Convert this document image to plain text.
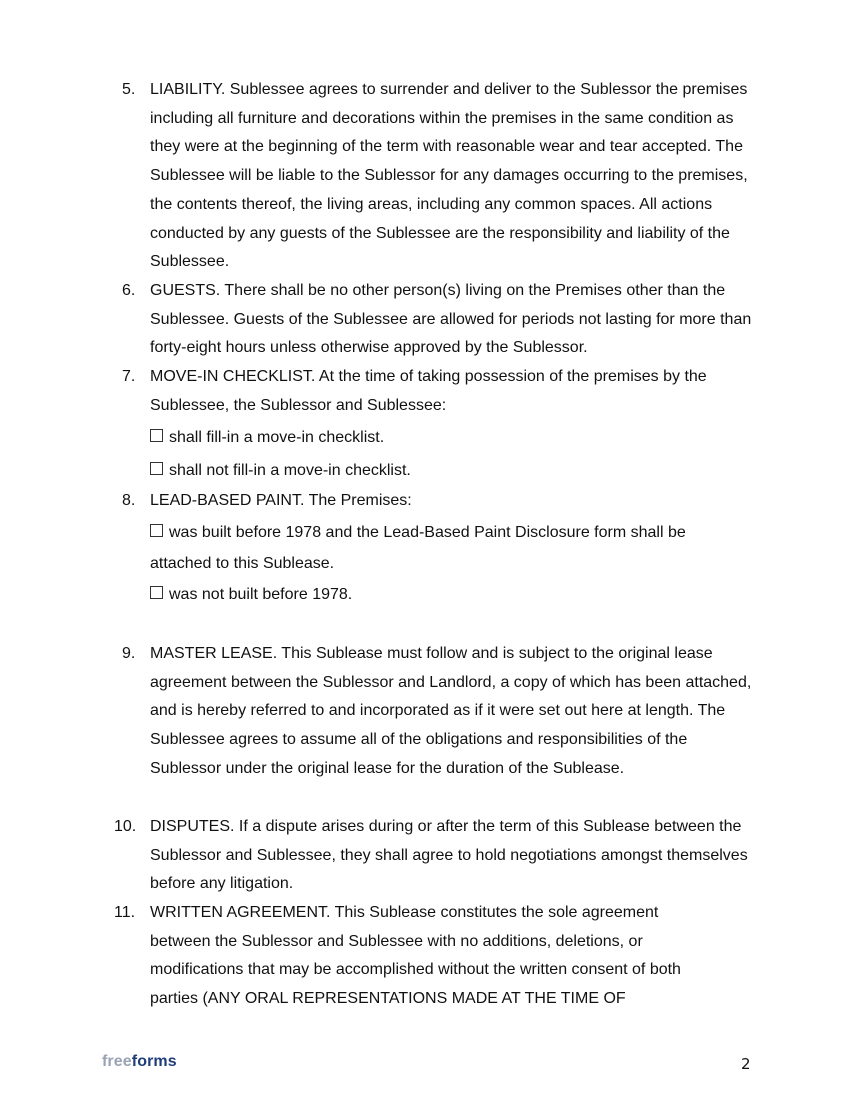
5. LIABILITY. Sublessee agrees to surrender and deliver to the Sublessor the premises including all furniture and decorations within the premises in the same condition as they were at the beginning of the term with reasonable wear and tear accepted. The Sublessee will be liable to the Sublessor for any damages occurring to the premises, the contents thereof, the living areas, including any common spaces. All actions conducted by any guests of the Sublessee are the responsibility and liability of the Sublessee.
6. GUESTS. There shall be no other person(s) living on the Premises other than the Sublessee. Guests of the Sublessee are allowed for periods not lasting for more than forty-eight hours unless otherwise approved by the Sublessor.
7. MOVE-IN CHECKLIST. At the time of taking possession of the premises by the Sublessee, the Sublessor and Sublessee:
shall fill-in a move-in checklist.
shall not fill-in a move-in checklist.
8. LEAD-BASED PAINT. The Premises:
was built before 1978 and the Lead-Based Paint Disclosure form shall be attached to this Sublease.
was not built before 1978.
9. MASTER LEASE. This Sublease must follow and is subject to the original lease agreement between the Sublessor and Landlord, a copy of which has been attached, and is hereby referred to and incorporated as if it were set out here at length. The Sublessee agrees to assume all of the obligations and responsibilities of the Sublessor under the original lease for the duration of the Sublease.
10. DISPUTES. If a dispute arises during or after the term of this Sublease between the Sublessor and Sublessee, they shall agree to hold negotiations amongst themselves before any litigation.
11. WRITTEN AGREEMENT. This Sublease constitutes the sole agreement between the Sublessor and Sublessee with no additions, deletions, or modifications that may be accomplished without the written consent of both parties (ANY ORAL REPRESENTATIONS MADE AT THE TIME OF
freeforms	2
